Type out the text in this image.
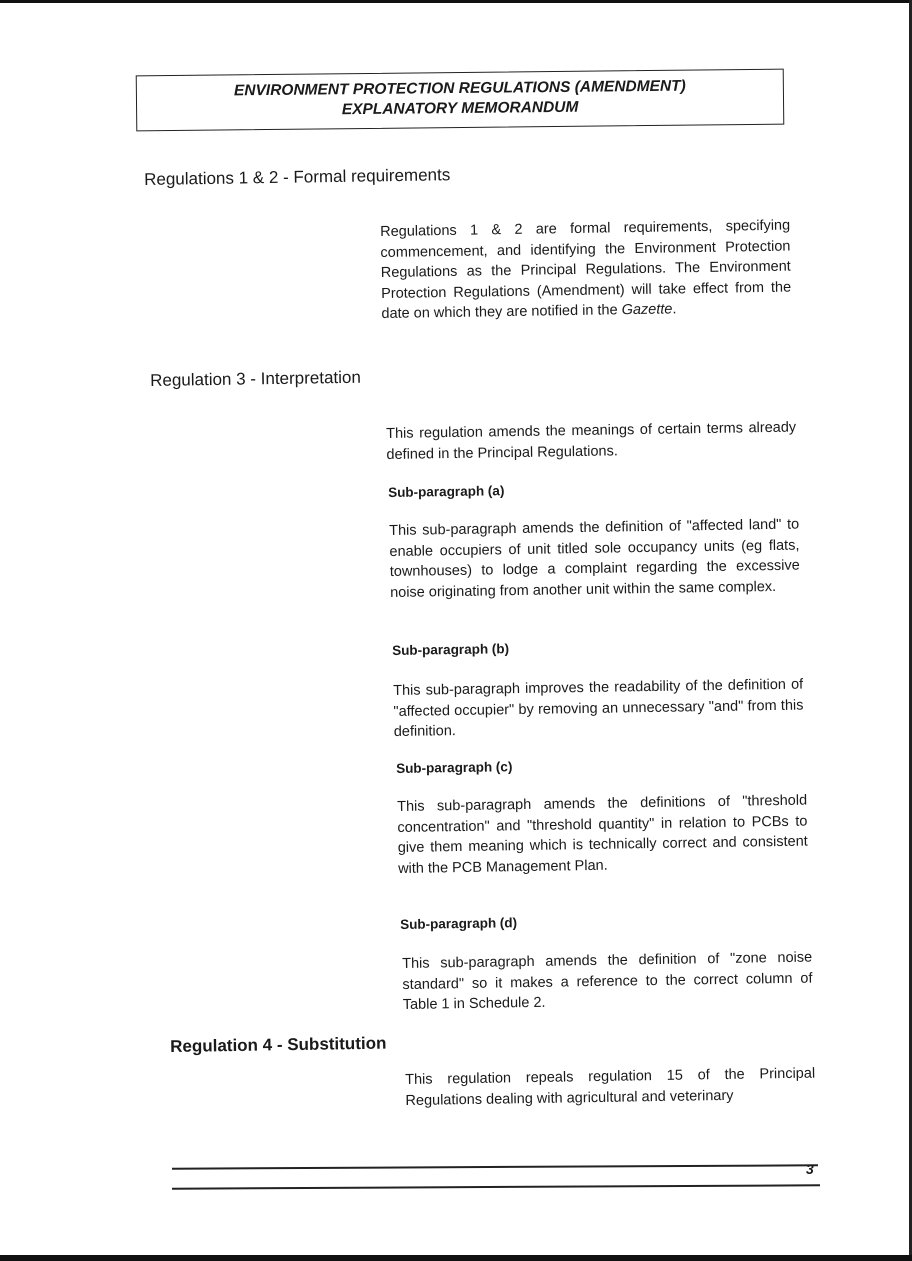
ENVIRONMENT PROTECTION REGULATIONS (AMENDMENT)
EXPLANATORY MEMORANDUM
Regulations 1 & 2 - Formal requirements
Regulations 1 & 2 are formal requirements, specifying commencement, and identifying the Environment Protection Regulations as the Principal Regulations. The Environment Protection Regulations (Amendment) will take effect from the date on which they are notified in the Gazette.
Regulation 3 - Interpretation
This regulation amends the meanings of certain terms already defined in the Principal Regulations.
Sub-paragraph (a)
This sub-paragraph amends the definition of "affected land" to enable occupiers of unit titled sole occupancy units (eg flats, townhouses) to lodge a complaint regarding the excessive noise originating from another unit within the same complex.
Sub-paragraph (b)
This sub-paragraph improves the readability of the definition of "affected occupier" by removing an unnecessary "and" from this definition.
Sub-paragraph (c)
This sub-paragraph amends the definitions of "threshold concentration" and "threshold quantity" in relation to PCBs to give them meaning which is technically correct and consistent with the PCB Management Plan.
Sub-paragraph (d)
This sub-paragraph amends the definition of "zone noise standard" so it makes a reference to the correct column of Table 1 in Schedule 2.
Regulation 4 - Substitution
This regulation repeals regulation 15 of the Principal Regulations dealing with agricultural and veterinary
3
